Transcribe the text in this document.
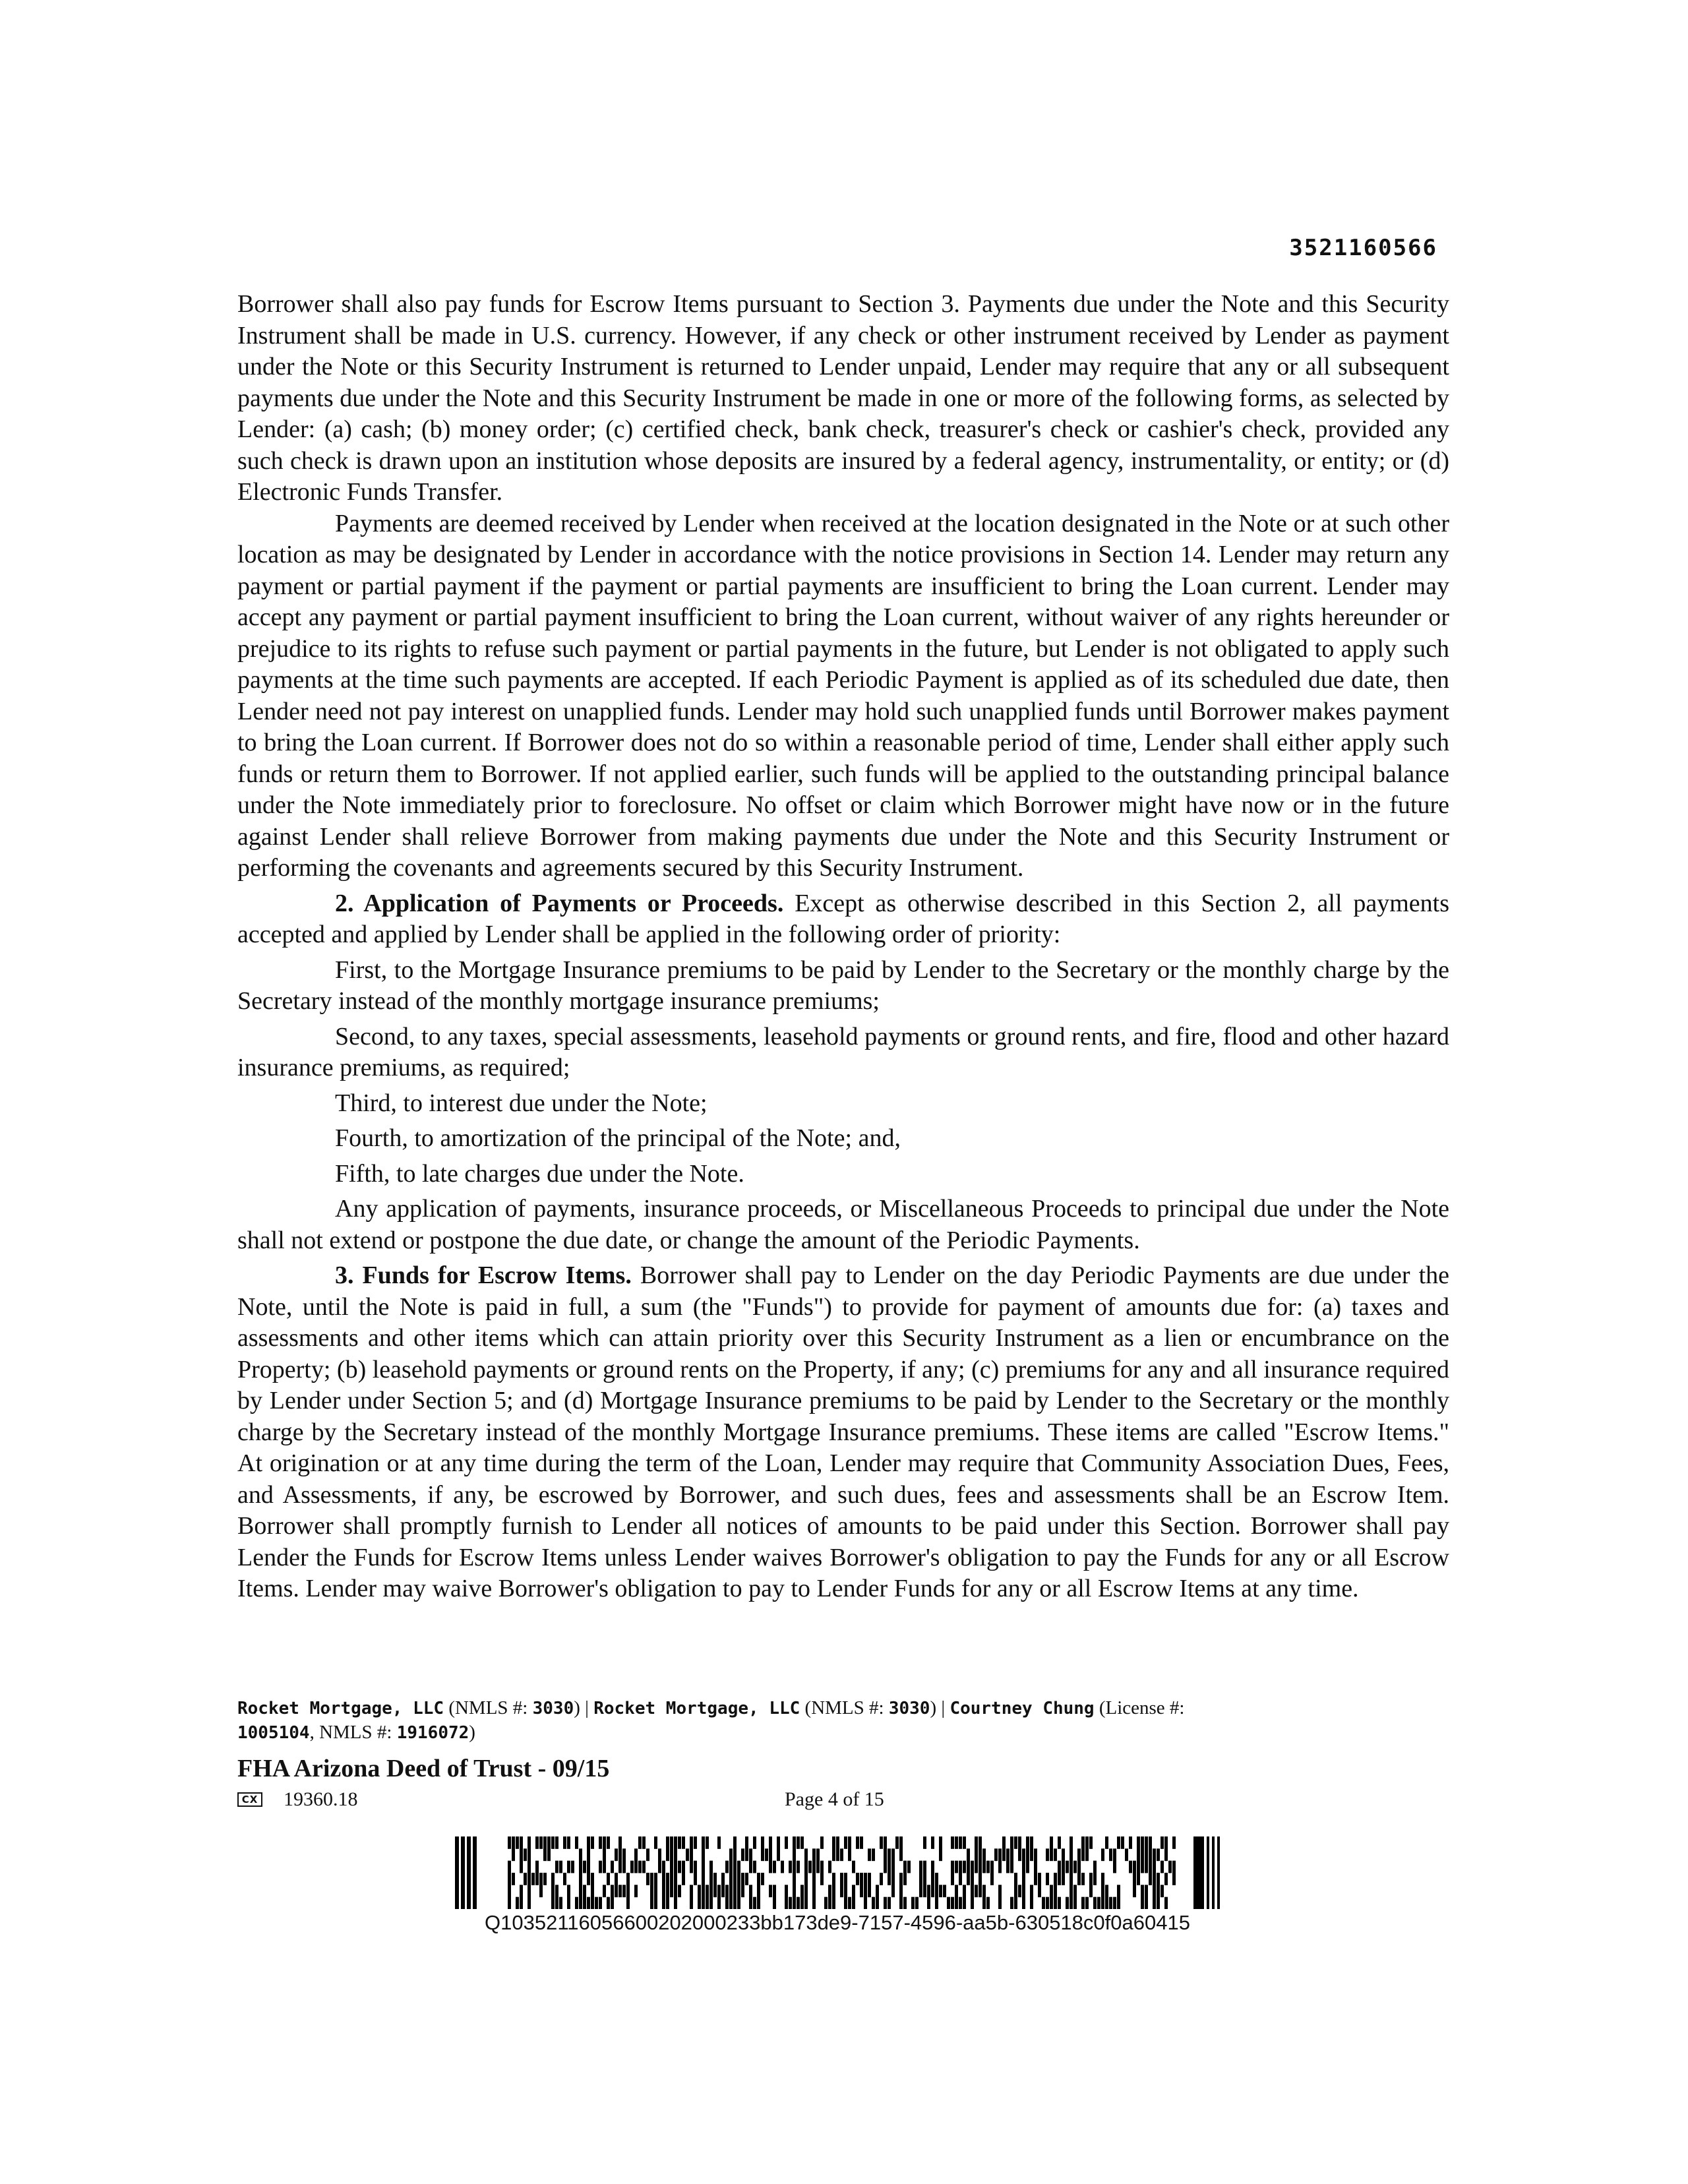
3521160566

Borrower shall also pay funds for Escrow Items pursuant to Section 3. Payments due under the Note and this Security Instrument shall be made in U.S. currency. However, if any check or other instrument received by Lender as payment under the Note or this Security Instrument is returned to Lender unpaid, Lender may require that any or all subsequent payments due under the Note and this Security Instrument be made in one or more of the following forms, as selected by Lender: (a) cash; (b) money order; (c) certified check, bank check, treasurer's check or cashier's check, provided any such check is drawn upon an institution whose deposits are insured by a federal agency, instrumentality, or entity; or (d) Electronic Funds Transfer.

Payments are deemed received by Lender when received at the location designated in the Note or at such other location as may be designated by Lender in accordance with the notice provisions in Section 14. Lender may return any payment or partial payment if the payment or partial payments are insufficient to bring the Loan current. Lender may accept any payment or partial payment insufficient to bring the Loan current, without waiver of any rights hereunder or prejudice to its rights to refuse such payment or partial payments in the future, but Lender is not obligated to apply such payments at the time such payments are accepted. If each Periodic Payment is applied as of its scheduled due date, then Lender need not pay interest on unapplied funds. Lender may hold such unapplied funds until Borrower makes payment to bring the Loan current. If Borrower does not do so within a reasonable period of time, Lender shall either apply such funds or return them to Borrower. If not applied earlier, such funds will be applied to the outstanding principal balance under the Note immediately prior to foreclosure. No offset or claim which Borrower might have now or in the future against Lender shall relieve Borrower from making payments due under the Note and this Security Instrument or performing the covenants and agreements secured by this Security Instrument.

2. Application of Payments or Proceeds. Except as otherwise described in this Section 2, all payments accepted and applied by Lender shall be applied in the following order of priority:

First, to the Mortgage Insurance premiums to be paid by Lender to the Secretary or the monthly charge by the Secretary instead of the monthly mortgage insurance premiums;

Second, to any taxes, special assessments, leasehold payments or ground rents, and fire, flood and other hazard insurance premiums, as required;

Third, to interest due under the Note;

Fourth, to amortization of the principal of the Note; and,

Fifth, to late charges due under the Note.

Any application of payments, insurance proceeds, or Miscellaneous Proceeds to principal due under the Note shall not extend or postpone the due date, or change the amount of the Periodic Payments.

3. Funds for Escrow Items. Borrower shall pay to Lender on the day Periodic Payments are due under the Note, until the Note is paid in full, a sum (the "Funds") to provide for payment of amounts due for: (a) taxes and assessments and other items which can attain priority over this Security Instrument as a lien or encumbrance on the Property; (b) leasehold payments or ground rents on the Property, if any; (c) premiums for any and all insurance required by Lender under Section 5; and (d) Mortgage Insurance premiums to be paid by Lender to the Secretary or the monthly charge by the Secretary instead of the monthly Mortgage Insurance premiums. These items are called "Escrow Items." At origination or at any time during the term of the Loan, Lender may require that Community Association Dues, Fees, and Assessments, if any, be escrowed by Borrower, and such dues, fees and assessments shall be an Escrow Item. Borrower shall promptly furnish to Lender all notices of amounts to be paid under this Section. Borrower shall pay Lender the Funds for Escrow Items unless Lender waives Borrower's obligation to pay the Funds for any or all Escrow Items. Lender may waive Borrower's obligation to pay to Lender Funds for any or all Escrow Items at any time.

Rocket Mortgage, LLC (NMLS #: 3030) | Rocket Mortgage, LLC (NMLS #: 3030) | Courtney Chung (License #:
1005104, NMLS #: 1916072)
FHA Arizona Deed of Trust - 09/15
CX 19360.18	Page 4 of 15
Q10352116056600202000233bb173de9-7157-4596-aa5b-630518c0f0a60415
